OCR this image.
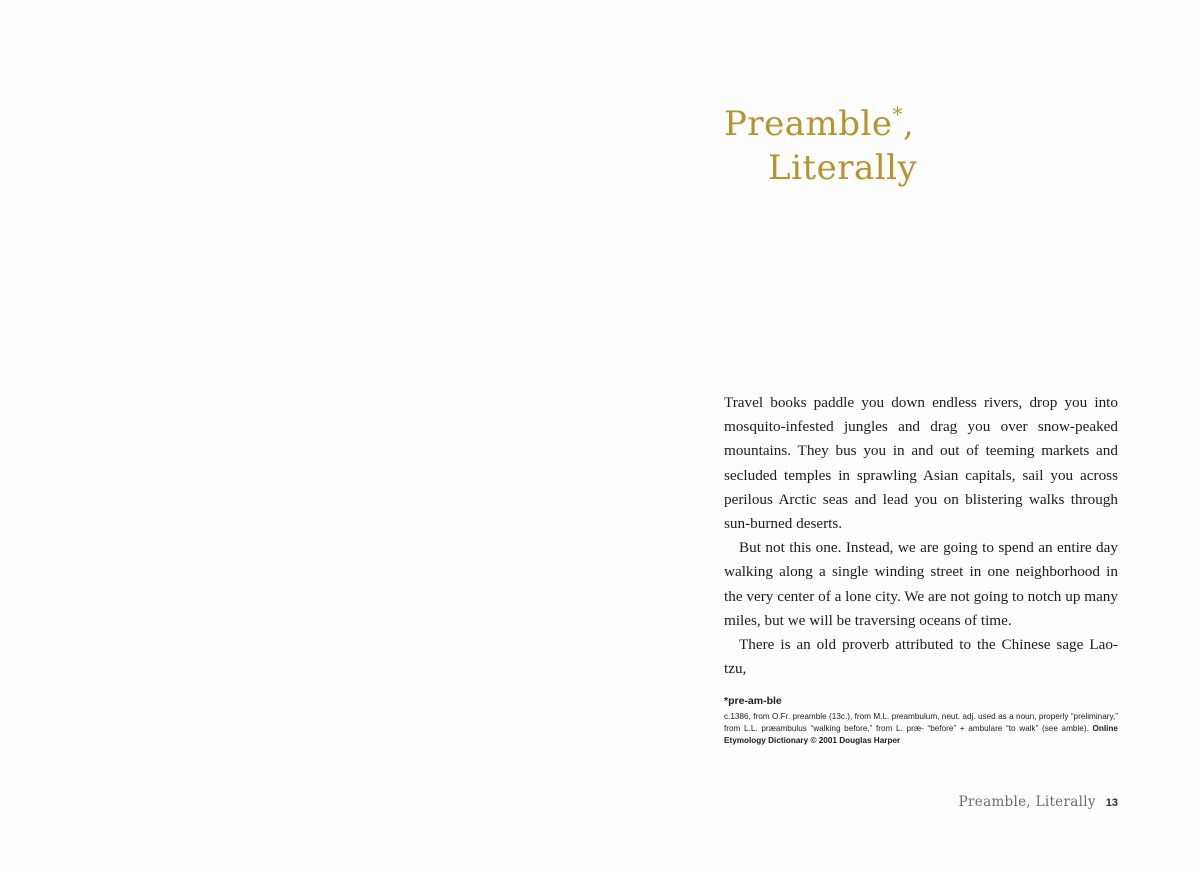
Preamble*,
Literally

Travel books paddle you down endless rivers, drop you into mosquito-infested jungles and drag you over snow-peaked mountains. They bus you in and out of teeming markets and secluded temples in sprawling Asian capitals, sail you across perilous Arctic seas and lead you on blistering walks through sun-burned deserts.

But not this one. Instead, we are going to spend an entire day walking along a single winding street in one neighborhood in the very center of a lone city. We are not going to notch up many miles, but we will be traversing oceans of time.

There is an old proverb attributed to the Chinese sage Lao-tzu,

*pre-am-ble
c.1386, from O.Fr. preamble (13c.), from M.L. preambulum, neut. adj. used as a noun, properly “preliminary,” from L.L. præambulus “walking before,” from L. præ- “before” + ambulare “to walk” (see amble). Online Etymology Dictionary © 2001 Douglas Harper
Preamble, Literally 13
